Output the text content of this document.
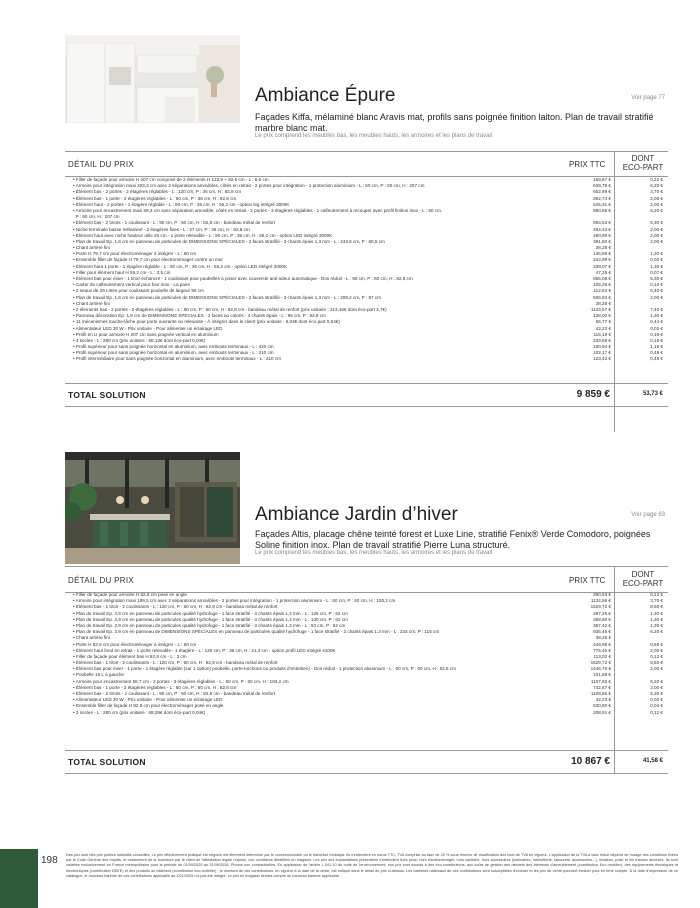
Ambiance Épure	Voir page 77
Façades Kiffa, mélaminé blanc Aravis mat, profils sans poignée finition laiton. Plan de travail stratifié marbre blanc mat.
Le prix comprend les meubles bas, les meubles hauts, les armoires et les plans de travail
DÉTAIL DU PRIX	PRIX TTC
DONT ECO-PART
• Filler de façade pour armoire H 207 cm composé de 2 éléments H 123,9 + 82,5 cm - L : 5,5 cm	169,67 €	0,22 €
• Armoire pour intégration maxi 203,3 cm avec 2 séparations amovibles, côtés en retrait - 2 portes pour intégration - 1 protection aluminium - L : 60 cm, P : 60 cm, H : 207 cm	639,79 €	6,20 €
• Élément bas - 2 portes - 2 étagères réglables - L : 120 cm, P : 36 cm, H : 82,8 cm	652,89 €	3,70 €
• Élément bas - 1 porte - 2 étagères réglables - L : 60 cm, P : 36 cm, H : 82,8 cm	362,74 €	2,00 €
• Élément haut - 2 portes - 1 étagère réglable - L : 90 cm, P : 36 cm, H : 55,2 cm - option leg intégré 3000K	545,31 €	2,00 €
• Armoire pour encastrement maxi 68,3 cm avec séparation amovible, côtés en retrait - 2 portes - 3 étagères réglables - 1 calfeutrement à recouper avec profil finition inox - L : 60 cm,	680,65 €	6,20 €
P : 60 cm, H : 207 cm
• Élément bas - 2 tiroirs - 1 coulissant - L : 90 cm, P : 60 cm, H : 82,8 cm - bandeau métal de renfort	894,53 €	5,30 €
• Niche terminale basse mélaminé - 2 étagères fixes - L : 27 cm, P : 36 cm, H : 82,8 cm	464,43 €	2,00 €
• Élément haut avec niche hauteur utile 26 cm - 1 porte relevable - L : 90 cm, P : 36 cm, H : 55,2 cm - option LED intégré 3000K	490,90 €	2,00 €
• Plan de travail Ep. 1,8 cm en panneau de particules de DIMENSIONS SPÉCIALES - 2 faces stratifié - 3 chants épais 1,3 mm - L : 243,5 cm, P : 60,5 cm	391,80 €	2,00 €
• Chant arrière fini	38,28 €
• Porte H 79,7 cm pour électroménager à intégrer - L : 60 cm	136,59 €	1,30 €
• Ensemble filler de façade H 79,7 cm pour électroménager contre un mur	243,99 €	0,02 €
• Élément haut 1 porte - 1 étagère réglable - L : 60 cm, P : 36 cm, H : 55,2 cm - option LED intégré 3000K	338,07 €	1,30 €
• Filler pour élément haut H 55,2 cm - L : 3,5 cm	47,25 €	0,07 €
• Élément bas pour évier - 1 tiroir échancré - 1 coulissant pour poubelles à poser avec couvercle anti-odeur automatique - Dos réduit - L : 90 cm, P : 60 cm, H : 82,8 cm	855,06 €	5,30 €
• Carter de calfeutrement vertical pour four inox - La paire	105,26 €	0,10 €
• 2 seaux de 29 Litres pour coulissant poubelle de largeur 90 cm	112,53 €	0,40 €
• Plan de travail Ep. 1,8 cm en panneau de particules de DIMENSIONS SPÉCIALES - 2 faces stratifié - 3 chants épais 1,3 mm - L : 209,2 cm, P : 97 cm	506,83 €	2,00 €
• Chant arrière fini	38,28 €
• 2 éléments bas - 2 portes - 2 étagères réglables - L : 90 cm, P : 60 cm, H : 82,8 cm - bandeau métal de renfort (prix unitaire : 313,16€ dont éco-part 3,7€)	1143,57 €	7,40 €
• Panneau décoration Ep. 1,8 cm de DIMENSIONS SPÉCIALES - 2 faces au coloris - 4 chants épais - L : 96 cm, P : 82,8 cm	138,00 €	1,30 €
• 11 mécanismes touche-lâche pour porte ouvrante ou relevante - À intégrer dans le client (prix unitaire : 6,04€ dont éco-part 0,04€)	66,77 €	0,44 €
• Alimentateur LED 30 W - Prix unitaire - Pour alimenter un éclairage LED	42,23 €	0,02 €
• Profil en U pour armoire H 207 cm sans poignée vertical en aluminium	116,19 €	0,19 €
• 4 socles - L : 280 cm (prix unitaire : 58,13€ dont éco-part 0,04€)	233,68 €	0,16 €
• Profil supérieur pour sans poignée horizontal en aluminium, avec embouts terminaux - L : 420 cm	180,94 €	1,15 €
• Profil supérieur pour sans poignée horizontal en aluminium, avec embouts terminaux - L : 210 cm	102,17 €	0,48 €
• Profil intermédiaire pour sans poignée horizontal en aluminium, avec embouts terminaux - L : 210 cm	123,43 €	0,48 €
TOTAL SOLUTION	9 859 €	53,73 €
Ambiance Jardin d’hiver	Voir page 83
Façades Altis, placage chêne teinté forest et Luxe Line, stratifié Fenix® Verde Comodoro, poignées Soline finition inox. Plan de travail stratifié Pierre Luna structuré.
Le prix comprend les meubles bas, les meubles hauts, les armoires et les plans de travail
DÉTAIL DU PRIX	PRIX TTC
DONT ECO-PART
• Filler de façade pour armoire H 82,8 cm posé en angle	390,63 €	0,12 €
• Armoire pour intégration maxi 189,5 cm avec 2 séparations amovibles - 2 portes pour intégration - 1 protection aluminium - L : 60 cm, P : 60 cm, H : 193,2 cm	1134,56 €	3,70 €
• Élément bas - 1 tiroir - 2 coulissants - L : 120 cm, P : 60 cm, H : 82,8 cm - bandeau métal de renfort	1629,72 €	8,50 €
• Plan de travail Ep. 2,9 cm en panneau de particules qualité hydrofuge - 1 face stratifié - 3 chants épais 1,3 mm - L : 125 cm, P : 62 cm	297,25 €	1,30 €
• Plan de travail Ep. 2,9 cm en panneau de particules qualité hydrofuge - 1 face stratifié - 3 chants épais 1,3 mm - L : 130 cm, P : 62 cm	358,80 €	1,30 €
• Plan de travail Ep. 2,9 cm en panneau de particules qualité hydrofuge - 1 face stratifié - 3 chants épais 1,3 mm - L : 93 cm, P : 62 cm	367,42 €	1,30 €
• Plan de travail Ep. 2,9 cm en panneau de DIMENSIONS SPÉCIALES en panneau de particules qualité hydrofuge - 1 face stratifié - 3 chants épais 1,3 mm - L : 234 cm, P : 115 cm	935,46 €	6,20 €
• Chant arrière fini	38,28 €
• Porte H 82,5 cm pour électroménager à intégrer - L : 60 cm	449,95 €	0,56 €
• Élément haut fond en retrait - 1 porte relevable - 1 étagère - L : 120 cm, P : 36 cm, H : 41,4 cm - option profil LED intégré 4100K	775,45 €	2,00 €
• Filler de façade pour élément bas H 82,8 cm - L : 3 cm	113,02 €	0,12 €
• Élément bas - 1 tiroir - 2 coulissants - L : 120 cm, P : 60 cm, H : 82,8 cm - bandeau métal de renfort	1629,72 €	8,50 €
• Élément bas pour évier - 1 porte - 1 étagère réglable (sur 1 option) poubelle, porte-torchons ou produits d'entretien) - Dos réduit - 1 protection aluminium - L : 60 cm, P : 60 cm, H : 82,8 cm	1446,76 €	2,00 €
• Poubelle 15 L à gauche	101,69 €
• Armoire pour encastrement 58,7 cm - 2 portes - 3 étagères réglables - L : 60 cm, P : 60 cm, H : 193,2 cm	1107,60 €	6,20 €
• Élément bas - 1 porte - 2 étagères réglables - L : 60 cm, P : 60 cm, H : 82,8 cm	742,67 €	2,00 €
• Élément bas - 2 tiroirs - 1 coulissant - L : 90 cm, P : 60 cm, H : 82,8 cm - bandeau métal de renfort	1108,85 €	5,30 €
• Alimentateur LED 30 W - Prix unitaire - Pour alimenter un éclairage LED	42,23 €	0,02 €
• Ensemble filler de façade H 82,8 cm pour électroménager posé en angle	530,90 €	0,04 €
• 3 socles - L : 280 cm (prix unitaire : 69,29€ dont éco-part 0,04€)	208,91 €	0,12 €
TOTAL SOLUTION	10 867 €	41,58 €
198 Des prix sont des prix publics indicatifs conseillés. Le prix effectivement pratiqué est négocié est librement déterminé par le concessionnaire ou le franchisé Mobalpa. Ils s'entendent en euros TTC, TVA comprise au taux de 20 % sous réserve de modification des taux de TVA en vigueur. L'application de la TVA à taux réduit dépend de l'usage des conditions fixées par le Code Général des Impôts, et notamment de la fourniture par le client de l'attestation légale requise, voir conditions détaillées en magasin. Les prix des implantations présentées s'entendent hors pose, hors électroménager, hors sanitaire, hors accessoires (luminaires, robinetterie, tabourets, accessoires...), livraison, pose et les travaux annexes. Ils sont valables exclusivement en France métropolitaine pour la période du 01/09/2025 au 31/08/2026. Photos non contractuelles. En application de l'article L.541-10 du code de l'environnement, nos prix sont soumis à des éco-contributions, aux coûts de gestion des déchets des éléments d'ameublement (contribution Eco-mobilier), des équipements électriques et électroniques (contribution DEEE) et des produits du bâtiment (contribution éco-mobilier) ; le montant de ces contributions, en vigueur à la date de la vente, est indiqué dans le détail du prix ci-dessus. Les barèmes nationaux de ces contributions sont susceptibles d'évoluer et les prix de vente pourront évoluer pour en tenir compte. À la date d'impression de ce catalogue, le nouveau barème de ces contributions applicable au 1/01/2025 n'a pas été intégré. Le prix en magasin tiendra compte du nouveau barème applicable.
